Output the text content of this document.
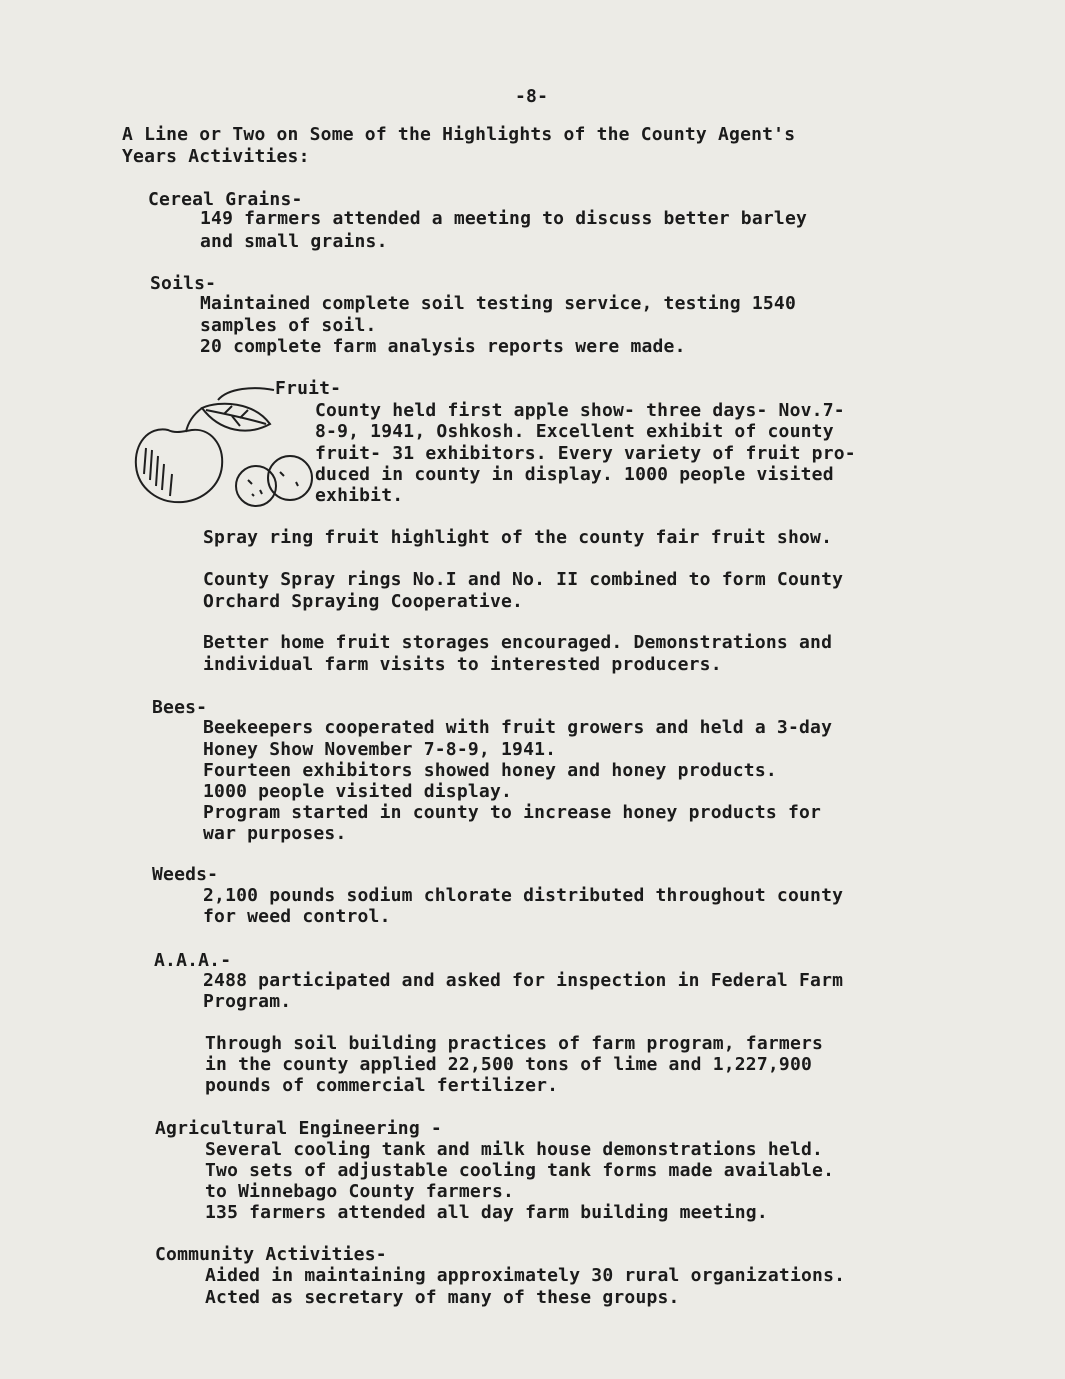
-8-
A Line or Two on Some of the Highlights of the County Agent's
Years Activities:
Cereal Grains-
149 farmers attended a meeting to discuss better barley
and small grains.
Soils-
Maintained complete soil testing service, testing 1540
samples of soil.
20 complete farm analysis reports were made.
Fruit-
County held first apple show- three days- Nov.7-
8-9, 1941, Oshkosh. Excellent exhibit of county
fruit- 31 exhibitors. Every variety of fruit pro-
duced in county in display. 1000 people visited
exhibit.
Spray ring fruit highlight of the county fair fruit show.
County Spray rings No.I and No. II combined to form County
Orchard Spraying Cooperative.
Better home fruit storages encouraged. Demonstrations and
individual farm visits to interested producers.
Bees-
Beekeepers cooperated with fruit growers and held a 3-day
Honey Show November 7-8-9, 1941.
Fourteen exhibitors showed honey and honey products.
1000 people visited display.
Program started in county to increase honey products for
war purposes.
Weeds-
2,100 pounds sodium chlorate distributed throughout county
for weed control.
A.A.A.-
2488 participated and asked for inspection in Federal Farm
Program.
Through soil building practices of farm program, farmers
in the county applied 22,500 tons of lime and 1,227,900
pounds of commercial fertilizer.
Agricultural Engineering -
Several cooling tank and milk house demonstrations held.
Two sets of adjustable cooling tank forms made available.
to Winnebago County farmers.
135 farmers attended all day farm building meeting.
Community Activities-
Aided in maintaining approximately 30 rural organizations.
Acted as secretary of many of these groups.
